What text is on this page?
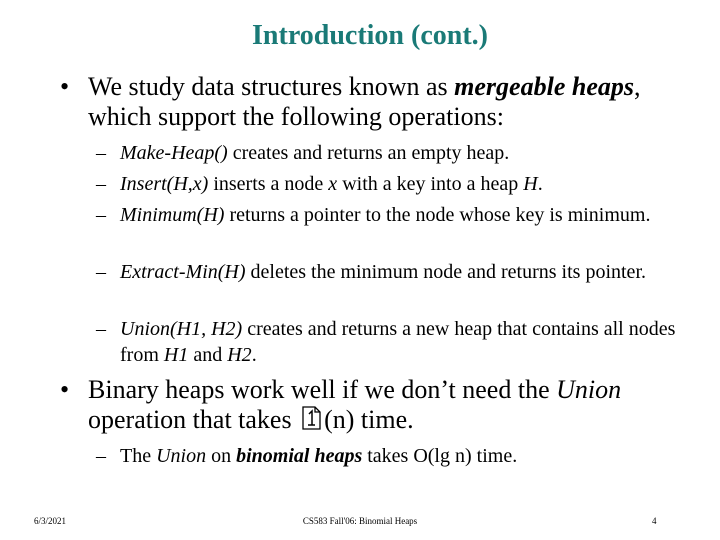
Introduction (cont.)
• We study data structures known as mergeable heaps, which support the following operations:
– Make-Heap() creates and returns an empty heap.
– Insert(H,x) inserts a node x with a key into a heap H.
– Minimum(H) returns a pointer to the node whose key is minimum.
– Extract-Min(H) deletes the minimum node and returns its pointer.
– Union(H1, H2) creates and returns a new heap that contains all nodes from H1 and H2.
• Binary heaps work well if we don’t need the Union operation that takes (n) time.
– The Union on binomial heaps takes O(lg n) time.
6/3/2021	CS583 Fall'06: Binomial Heaps	4
